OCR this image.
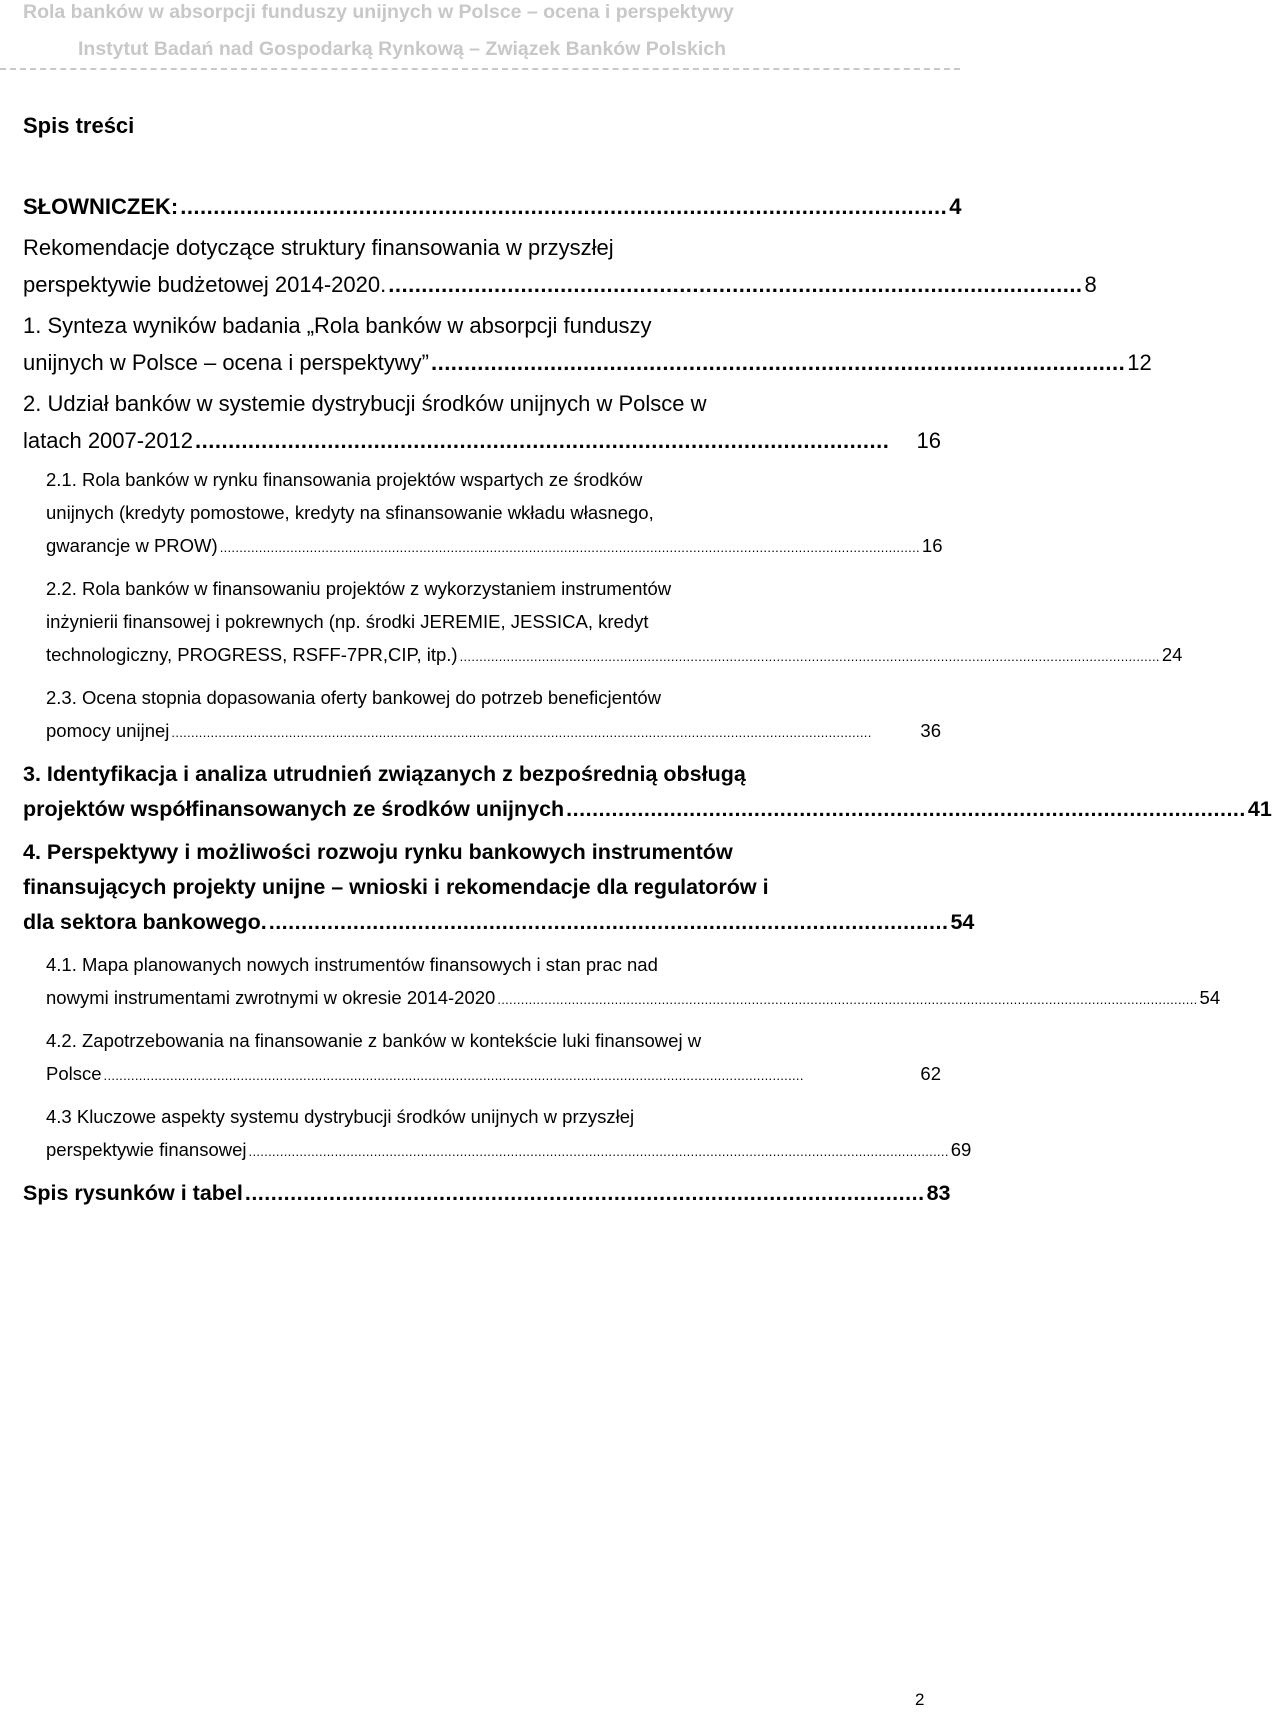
Rola banków w absorpcji funduszy unijnych w Polsce – ocena i perspektywy
Instytut Badań nad Gospodarką Rynkową – Związek Banków Polskich
Spis treści
SŁOWNICZEK: .................................................................................................................... 4
Rekomendacje dotyczące struktury finansowania w przyszłej
perspektywie budżetowej 2014-2020. ......................................................................................................... 8
1. Synteza wyników badania „Rola banków w absorpcji funduszy
unijnych w Polsce – ocena i perspektywy” ......................................................................................................... 12
2. Udział banków w systemie dystrybucji środków unijnych w Polsce w
latach 2007-2012 .........................................................................................................	16
2.1. Rola banków w rynku finansowania projektów wspartych ze środków
unijnych (kredyty pomostowe, kredyty na sfinansowanie wkładu własnego,
gwarancje w PROW) ................................................................................................................................................................................... 16
2.2. Rola banków w finansowaniu projektów z wykorzystaniem instrumentów
inżynierii finansowej i pokrewnych (np. środki JEREMIE, JESSICA, kredyt
technologiczny, PROGRESS, RSFF-7PR,CIP, itp.) ................................................................................................................................................................................... 24
2.3. Ocena stopnia dopasowania oferty bankowej do potrzeb beneficjentów
pomocy unijnej ...................................................................................................................................................................................	36
3. Identyfikacja i analiza utrudnień związanych z bezpośrednią obsługą
projektów współfinansowanych ze środków unijnych ......................................................................................................... 41
4. Perspektywy i możliwości rozwoju rynku bankowych instrumentów
finansujących projekty unijne – wnioski i rekomendacje dla regulatorów i
dla sektora bankowego. ......................................................................................................... 54
4.1. Mapa planowanych nowych instrumentów finansowych i stan prac nad
nowymi instrumentami zwrotnymi w okresie 2014-2020 ................................................................................................................................................................................... 54
4.2. Zapotrzebowania na finansowanie z banków w kontekście luki finansowej w
Polsce ...................................................................................................................................................................................	62
4.3 Kluczowe aspekty systemu dystrybucji środków unijnych w przyszłej
perspektywie finansowej ................................................................................................................................................................................... 69
Spis rysunków i tabel ......................................................................................................... 83
2
